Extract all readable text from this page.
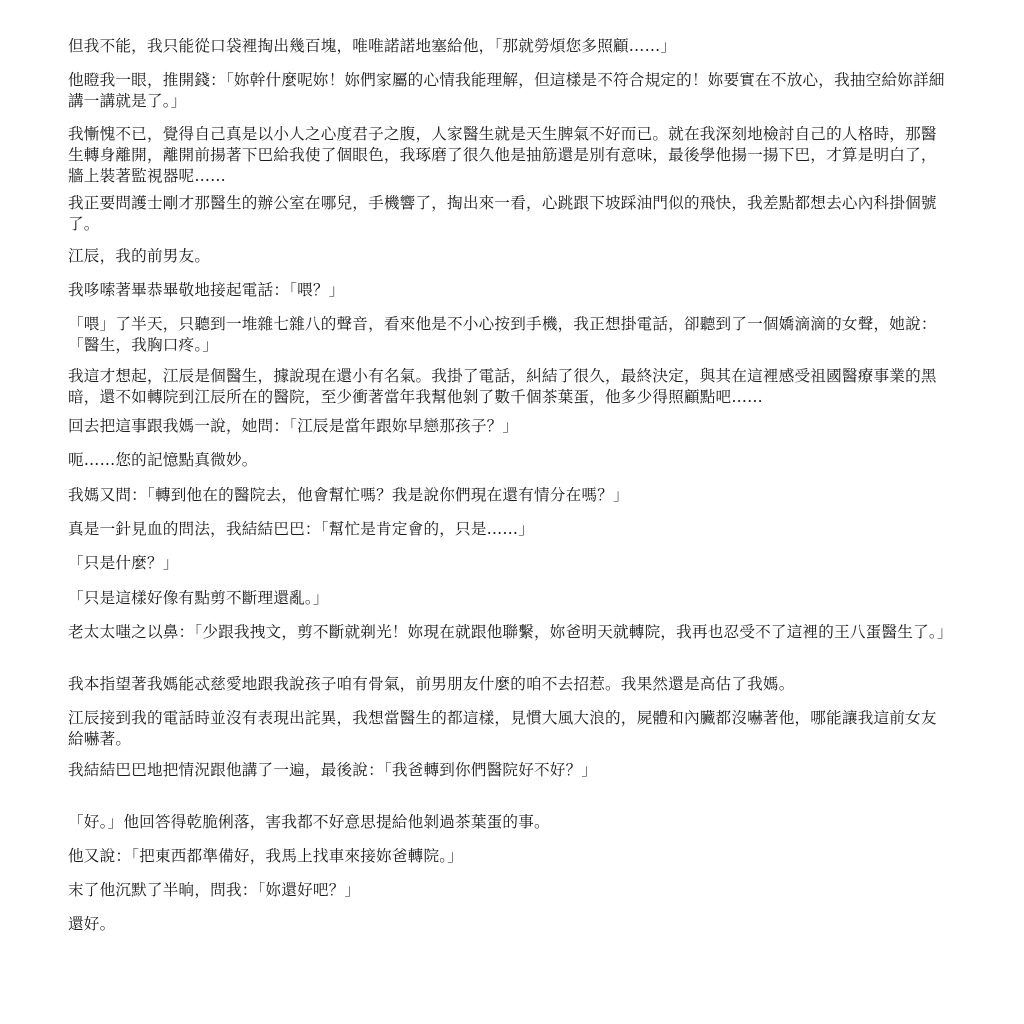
但我不能，我只能從口袋裡掏出幾百塊，唯唯諾諾地塞給他，「那就勞煩您多照顧……」

他瞪我一眼，推開錢：「妳幹什麼呢妳！妳們家屬的心情我能理解，但這樣是不符合規定的！妳要實在不放心，我抽空給妳詳細講一講就是了。」

我慚愧不已，覺得自己真是以小人之心度君子之腹，人家醫生就是天生脾氣不好而已。就在我深刻地檢討自己的人格時，那醫生轉身離開，離開前揚著下巴給我使了個眼色，我琢磨了很久他是抽筋還是別有意味，最後學他揚一揚下巴，才算是明白了，牆上裝著監視器呢……

我正要問護士剛才那醫生的辦公室在哪兒，手機響了，掏出來一看，心跳跟下坡踩油門似的飛快，我差點都想去心內科掛個號了。

江辰，我的前男友。

我哆嗦著畢恭畢敬地接起電話：「喂？」

「喂」了半天，只聽到一堆雜七雜八的聲音，看來他是不小心按到手機，我正想掛電話，卻聽到了一個嬌滴滴的女聲，她說：「醫生，我胸口疼。」

我這才想起，江辰是個醫生，據說現在還小有名氣。我掛了電話，糾結了很久，最終決定，與其在這裡感受祖國醫療事業的黑暗，還不如轉院到江辰所在的醫院，至少衝著當年我幫他剝了數千個茶葉蛋，他多少得照顧點吧……

回去把這事跟我媽一說，她問：「江辰是當年跟妳早戀那孩子？」

呃……您的記憶點真微妙。

我媽又問：「轉到他在的醫院去，他會幫忙嗎？我是說你們現在還有情分在嗎？」

真是一針見血的問法，我結結巴巴：「幫忙是肯定會的，只是……」

「只是什麼？」

「只是這樣好像有點剪不斷理還亂。」

老太太嗤之以鼻：「少跟我拽文，剪不斷就剃光！妳現在就跟他聯繫，妳爸明天就轉院，我再也忍受不了這裡的王八蛋醫生了。」

我本指望著我媽能忒慈愛地跟我說孩子咱有骨氣，前男朋友什麼的咱不去招惹。我果然還是高估了我媽。

江辰接到我的電話時並沒有表現出詫異，我想當醫生的都這樣，見慣大風大浪的，屍體和內臟都沒嚇著他，哪能讓我這前女友給嚇著。

我結結巴巴地把情況跟他講了一遍，最後說：「我爸轉到你們醫院好不好？」

「好。」他回答得乾脆俐落，害我都不好意思提給他剝過茶葉蛋的事。

他又說：「把東西都準備好，我馬上找車來接妳爸轉院。」

末了他沉默了半晌，問我：「妳還好吧？」

還好。
